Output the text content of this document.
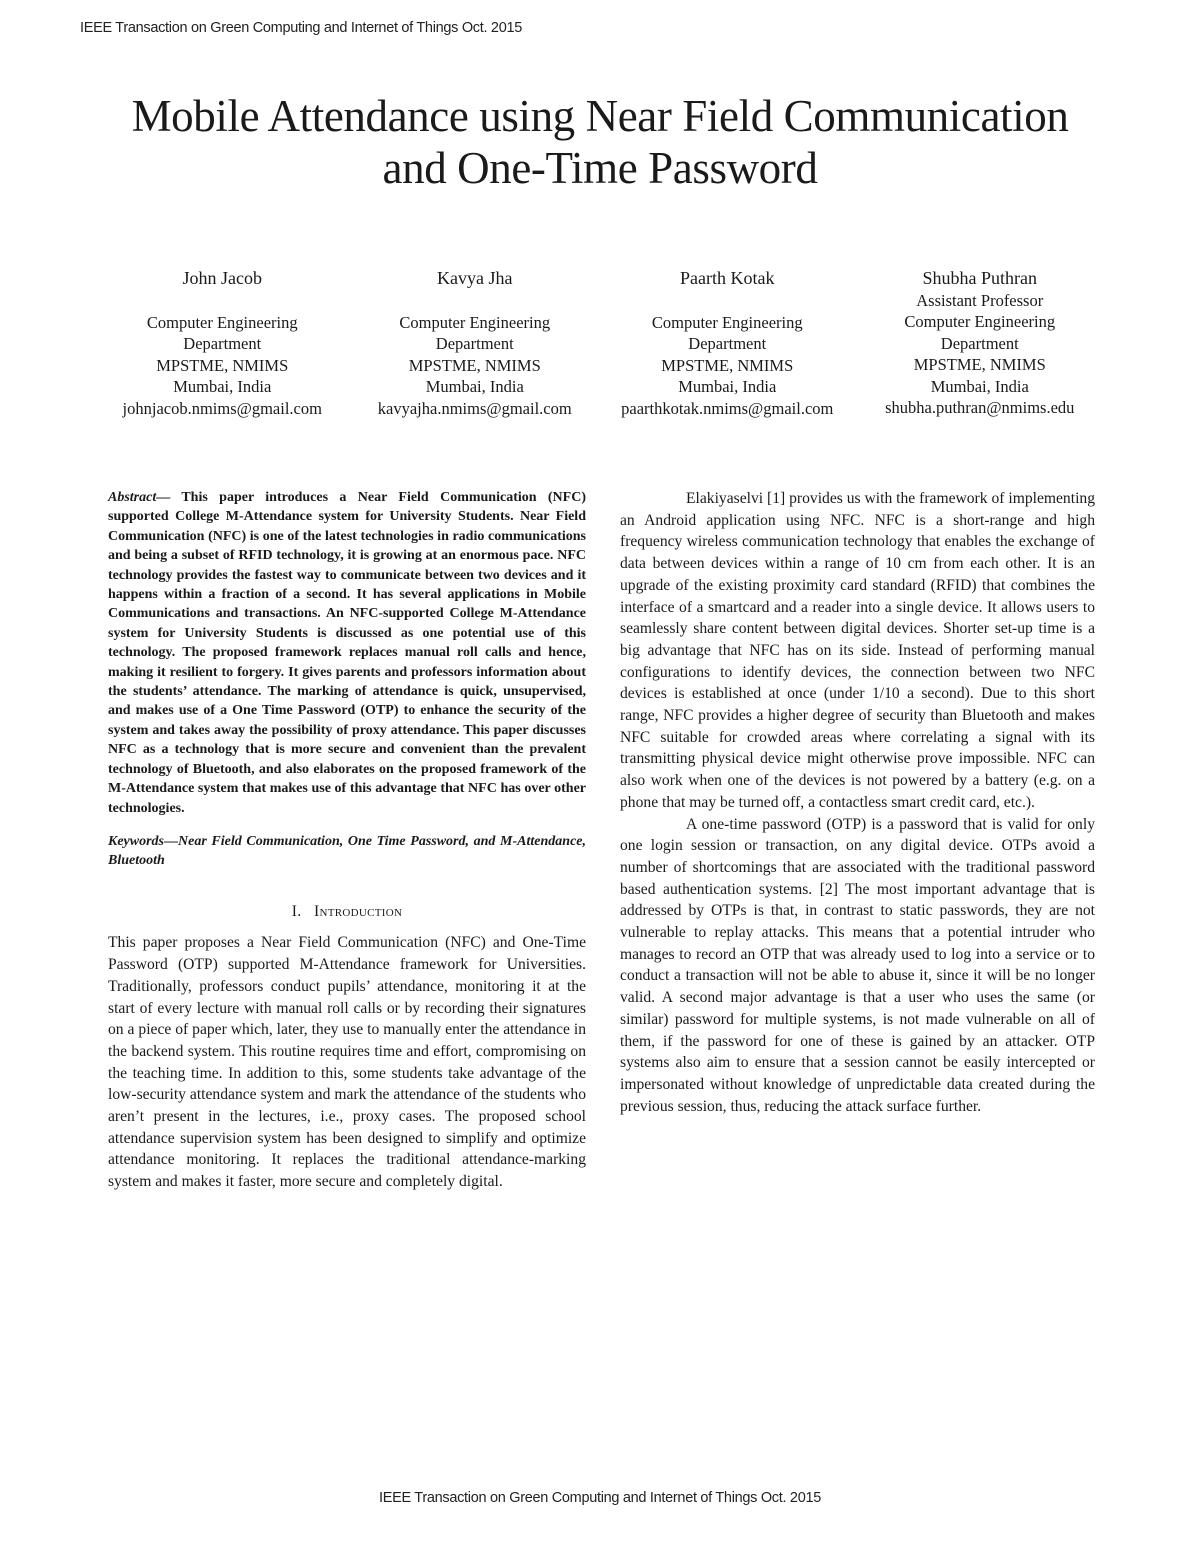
IEEE Transaction on Green Computing and Internet of Things Oct. 2015
Mobile Attendance using Near Field Communication
and One-Time Password
John Jacob
Computer Engineering
Department
MPSTME, NMIMS
Mumbai, India
johnjacob.nmims@gmail.com
Kavya Jha
Computer Engineering
Department
MPSTME, NMIMS
Mumbai, India
kavyajha.nmims@gmail.com
Paarth Kotak
Computer Engineering
Department
MPSTME, NMIMS
Mumbai, India
paarthkotak.nmims@gmail.com
Shubha Puthran
Assistant Professor
Computer Engineering
Department
MPSTME, NMIMS
Mumbai, India
shubha.puthran@nmims.edu

Abstract— This paper introduces a Near Field Communication (NFC) supported College M-Attendance system for University Students. Near Field Communication (NFC) is one of the latest technologies in radio communications and being a subset of RFID technology, it is growing at an enormous pace. NFC technology provides the fastest way to communicate between two devices and it happens within a fraction of a second. It has several applications in Mobile Communications and transactions. An NFC-supported College M-Attendance system for University Students is discussed as one potential use of this technology. The proposed framework replaces manual roll calls and hence, making it resilient to forgery. It gives parents and professors information about the students’ attendance. The marking of attendance is quick, unsupervised, and makes use of a One Time Password (OTP) to enhance the security of the system and takes away the possibility of proxy attendance. This paper discusses NFC as a technology that is more secure and convenient than the prevalent technology of Bluetooth, and also elaborates on the proposed framework of the M-Attendance system that makes use of this advantage that NFC has over other technologies.

Keywords—Near Field Communication, One Time Password, and M-Attendance, Bluetooth

I. Introduction

This paper proposes a Near Field Communication (NFC) and One-Time Password (OTP) supported M-Attendance framework for Universities. Traditionally, professors conduct pupils’ attendance, monitoring it at the start of every lecture with manual roll calls or by recording their signatures on a piece of paper which, later, they use to manually enter the attendance in the backend system. This routine requires time and effort, compromising on the teaching time. In addition to this, some students take advantage of the low-security attendance system and mark the attendance of the students who aren’t present in the lectures, i.e., proxy cases. The proposed school attendance supervision system has been designed to simplify and optimize attendance monitoring. It replaces the traditional attendance-marking system and makes it faster, more secure and completely digital.

Elakiyaselvi [1] provides us with the framework of implementing an Android application using NFC. NFC is a short-range and high frequency wireless communication technology that enables the exchange of data between devices within a range of 10 cm from each other. It is an upgrade of the existing proximity card standard (RFID) that combines the interface of a smartcard and a reader into a single device. It allows users to seamlessly share content between digital devices. Shorter set-up time is a big advantage that NFC has on its side. Instead of performing manual configurations to identify devices, the connection between two NFC devices is established at once (under 1/10 a second). Due to this short range, NFC provides a higher degree of security than Bluetooth and makes NFC suitable for crowded areas where correlating a signal with its transmitting physical device might otherwise prove impossible. NFC can also work when one of the devices is not powered by a battery (e.g. on a phone that may be turned off, a contactless smart credit card, etc.).

A one-time password (OTP) is a password that is valid for only one login session or transaction, on any digital device. OTPs avoid a number of shortcomings that are associated with the traditional password based authentication systems. [2] The most important advantage that is addressed by OTPs is that, in contrast to static passwords, they are not vulnerable to replay attacks. This means that a potential intruder who manages to record an OTP that was already used to log into a service or to conduct a transaction will not be able to abuse it, since it will be no longer valid. A second major advantage is that a user who uses the same (or similar) password for multiple systems, is not made vulnerable on all of them, if the password for one of these is gained by an attacker. OTP systems also aim to ensure that a session cannot be easily intercepted or impersonated without knowledge of unpredictable data created during the previous session, thus, reducing the attack surface further.

IEEE Transaction on Green Computing and Internet of Things Oct. 2015
